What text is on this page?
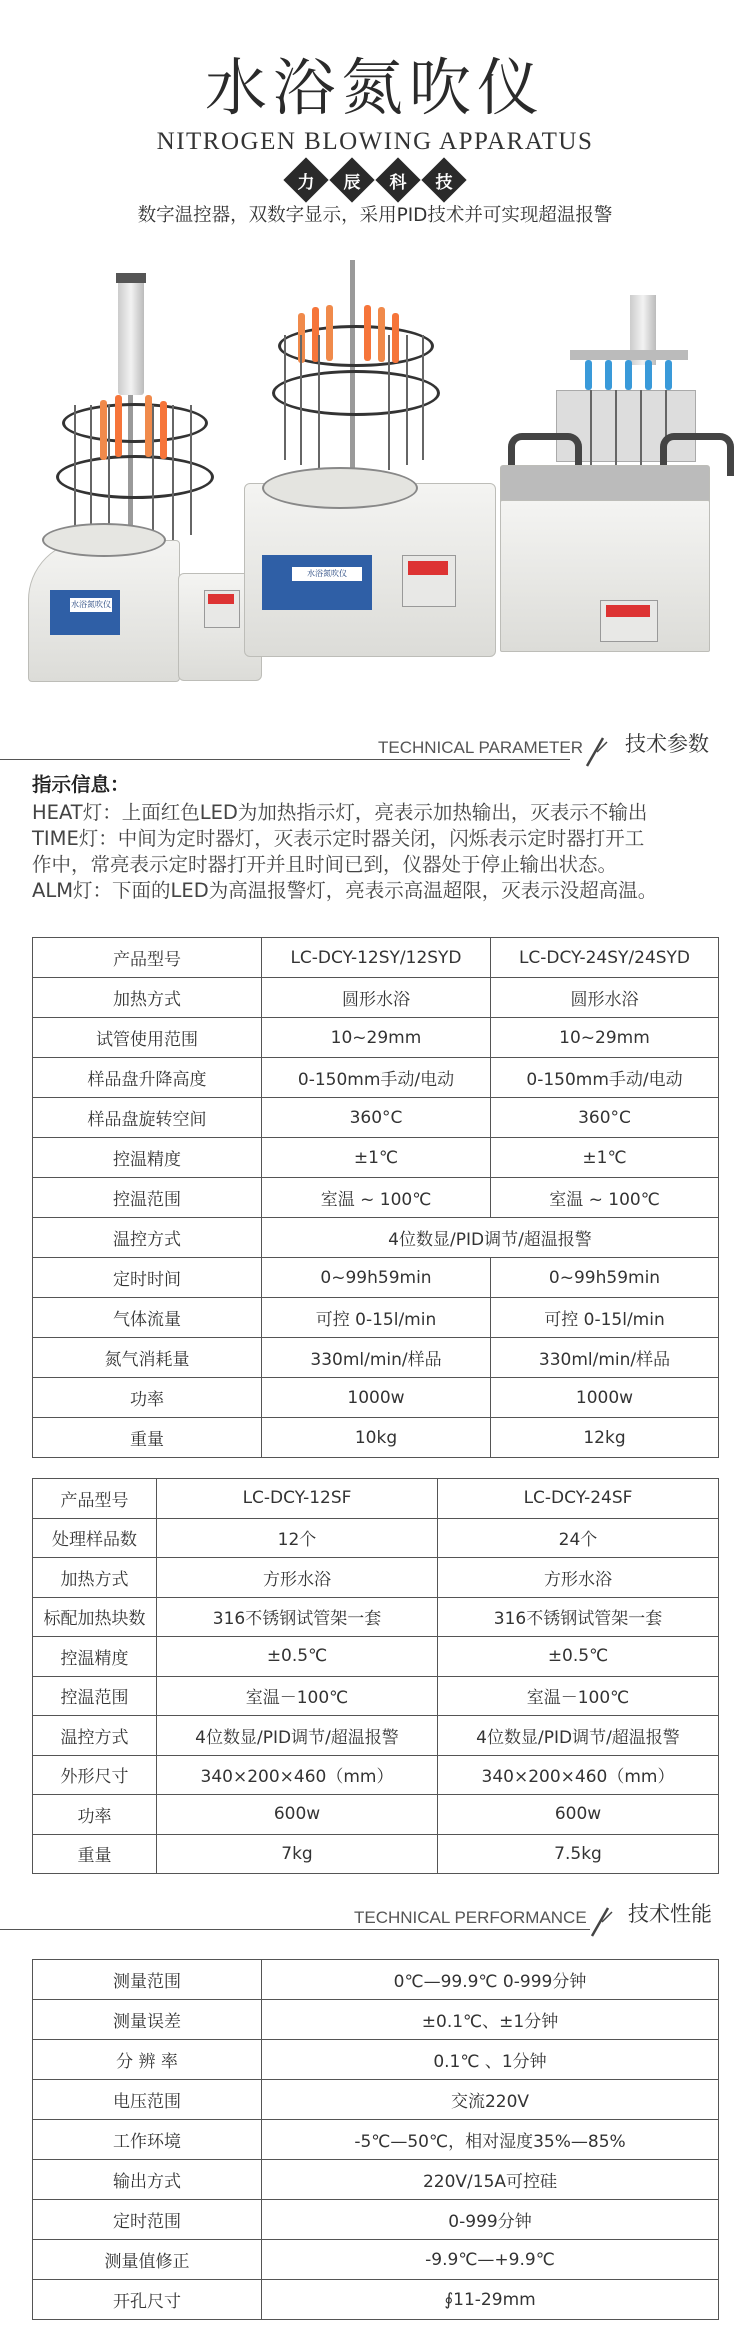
水浴氮吹仪
NITROGEN BLOWING APPARATUS
力 辰 科 技
数字温控器，双数字显示，采用PID技术并可实现超温报警
水浴氮吹仪
水浴氮吹仪
TECHNICAL PARAMETER 技术参数
指示信息：

HEAT灯：上面红色LED为加热指示灯，亮表示加热输出，灭表示不输出

TIME灯：中间为定时器灯，灭表示定时器关闭，闪烁表示定时器打开工

作中，常亮表示定时器打开并且时间已到，仪器处于停止输出状态。

ALM灯：下面的LED为高温报警灯，亮表示高温超限，灭表示没超高温。

产品型号	LC-DCY-12SY/12SYD	LC-DCY-24SY/24SYD
加热方式	圆形水浴	圆形水浴
试管使用范围	10~29mm	10~29mm
样品盘升降高度	0-150mm手动/电动	0-150mm手动/电动
样品盘旋转空间	360°C	360°C
控温精度	±1℃	±1℃
控温范围	室温 ~ 100℃	室温 ~ 100℃
温控方式	4位数显/PID调节/超温报警	
定时时间	0~99h59min	0~99h59min
气体流量	可控 0-15l/min	可控 0-15l/min
氮气消耗量	330ml/min/样品	330ml/min/样品
功率	1000w	1000w
重量	10kg	12kg
产品型号	LC-DCY-12SF	LC-DCY-24SF
处理样品数	12个	24个
加热方式	方形水浴	方形水浴
标配加热块数	316不锈钢试管架一套	316不锈钢试管架一套
控温精度	±0.5℃	±0.5℃
控温范围	室温－100℃	室温－100℃
温控方式	4位数显/PID调节/超温报警	4位数显/PID调节/超温报警
外形尺寸	340×200×460（mm）	340×200×460（mm）
功率	600w	600w
重量	7kg	7.5kg
TECHNICAL PERFORMANCE 技术性能
测量范围	0℃—99.9℃ 0-999分钟
测量误差	±0.1℃、±1分钟
分 辨 率	0.1℃ 、1分钟
电压范围	交流220V
工作环境	-5℃—50℃，相对湿度35%—85%
输出方式	220V/15A可控硅
定时范围	0-999分钟
测量值修正	-9.9℃—+9.9℃
开孔尺寸	∮11-29mm
